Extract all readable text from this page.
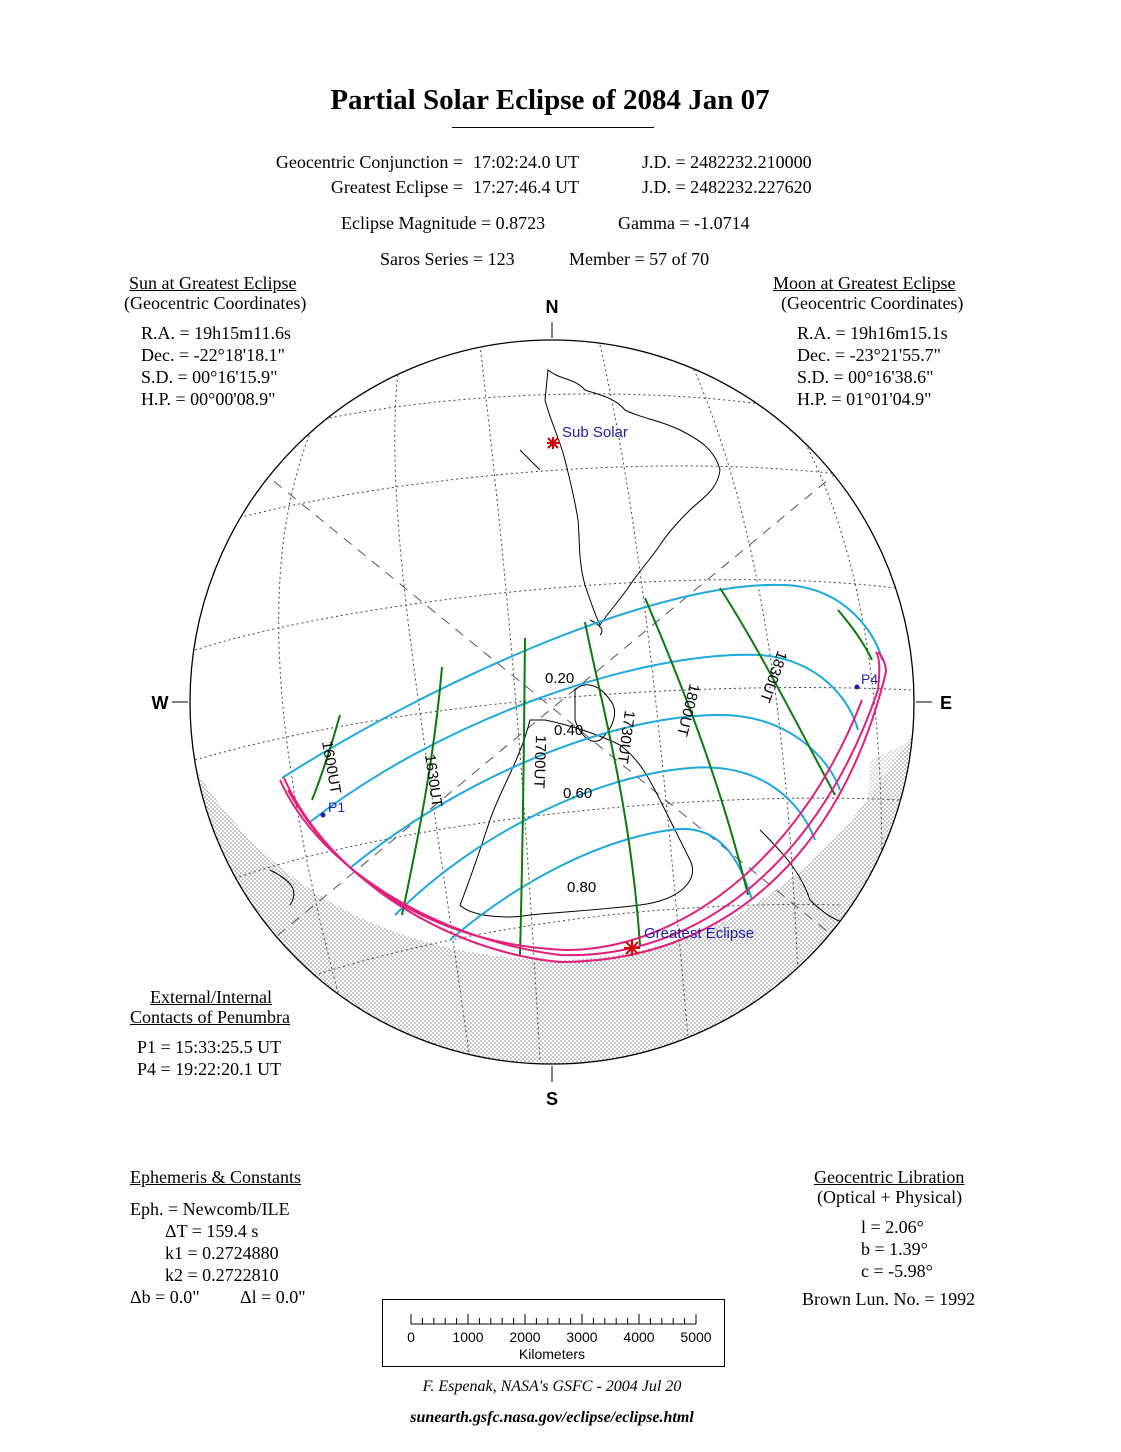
Partial Solar Eclipse of 2084 Jan 07
Geocentric Conjunction = 17:02:24.0 UT	J.D. = 2482232.210000
Greatest Eclipse = 17:27:46.4 UT	J.D. = 2482232.227620
Eclipse Magnitude = 0.8723	Gamma = -1.0714
Saros Series = 123	Member = 57 of 70
Sun at Greatest Eclipse
(Geocentric Coordinates)
R.A. = 19h15m11.6s
Dec. = -22°18'18.1"
S.D. = 00°16'15.9"
H.P. = 00°00'08.9"
Moon at Greatest Eclipse
(Geocentric Coordinates)
R.A. = 19h16m15.1s
Dec. = -23°21'55.7"
S.D. = 00°16'38.6"
H.P. = 01°01'04.9"
N
S
W	E
0.20
0.40
0.60
0.80
1600UT	1630UT	1700UT	1730UT 1800UT
1830UT
Sub Solar
Greatest Eclipse
P1
P4
0	1000 2000 3000 4000 5000
Kilometers
External/Internal
Contacts of Penumbra
P1 = 15:33:25.5 UT
P4 = 19:22:20.1 UT
Ephemeris & Constants
Eph. = Newcomb/ILE
ΔT = 159.4 s
k1 = 0.2724880
k2 = 0.2722810
Δb = 0.0" Δl = 0.0"
Geocentric Libration
(Optical + Physical)
l = 2.06°
b = 1.39°
c = -5.98°
Brown Lun. No. = 1992
F. Espenak, NASA's GSFC - 2004 Jul 20
sunearth.gsfc.nasa.gov/eclipse/eclipse.html
